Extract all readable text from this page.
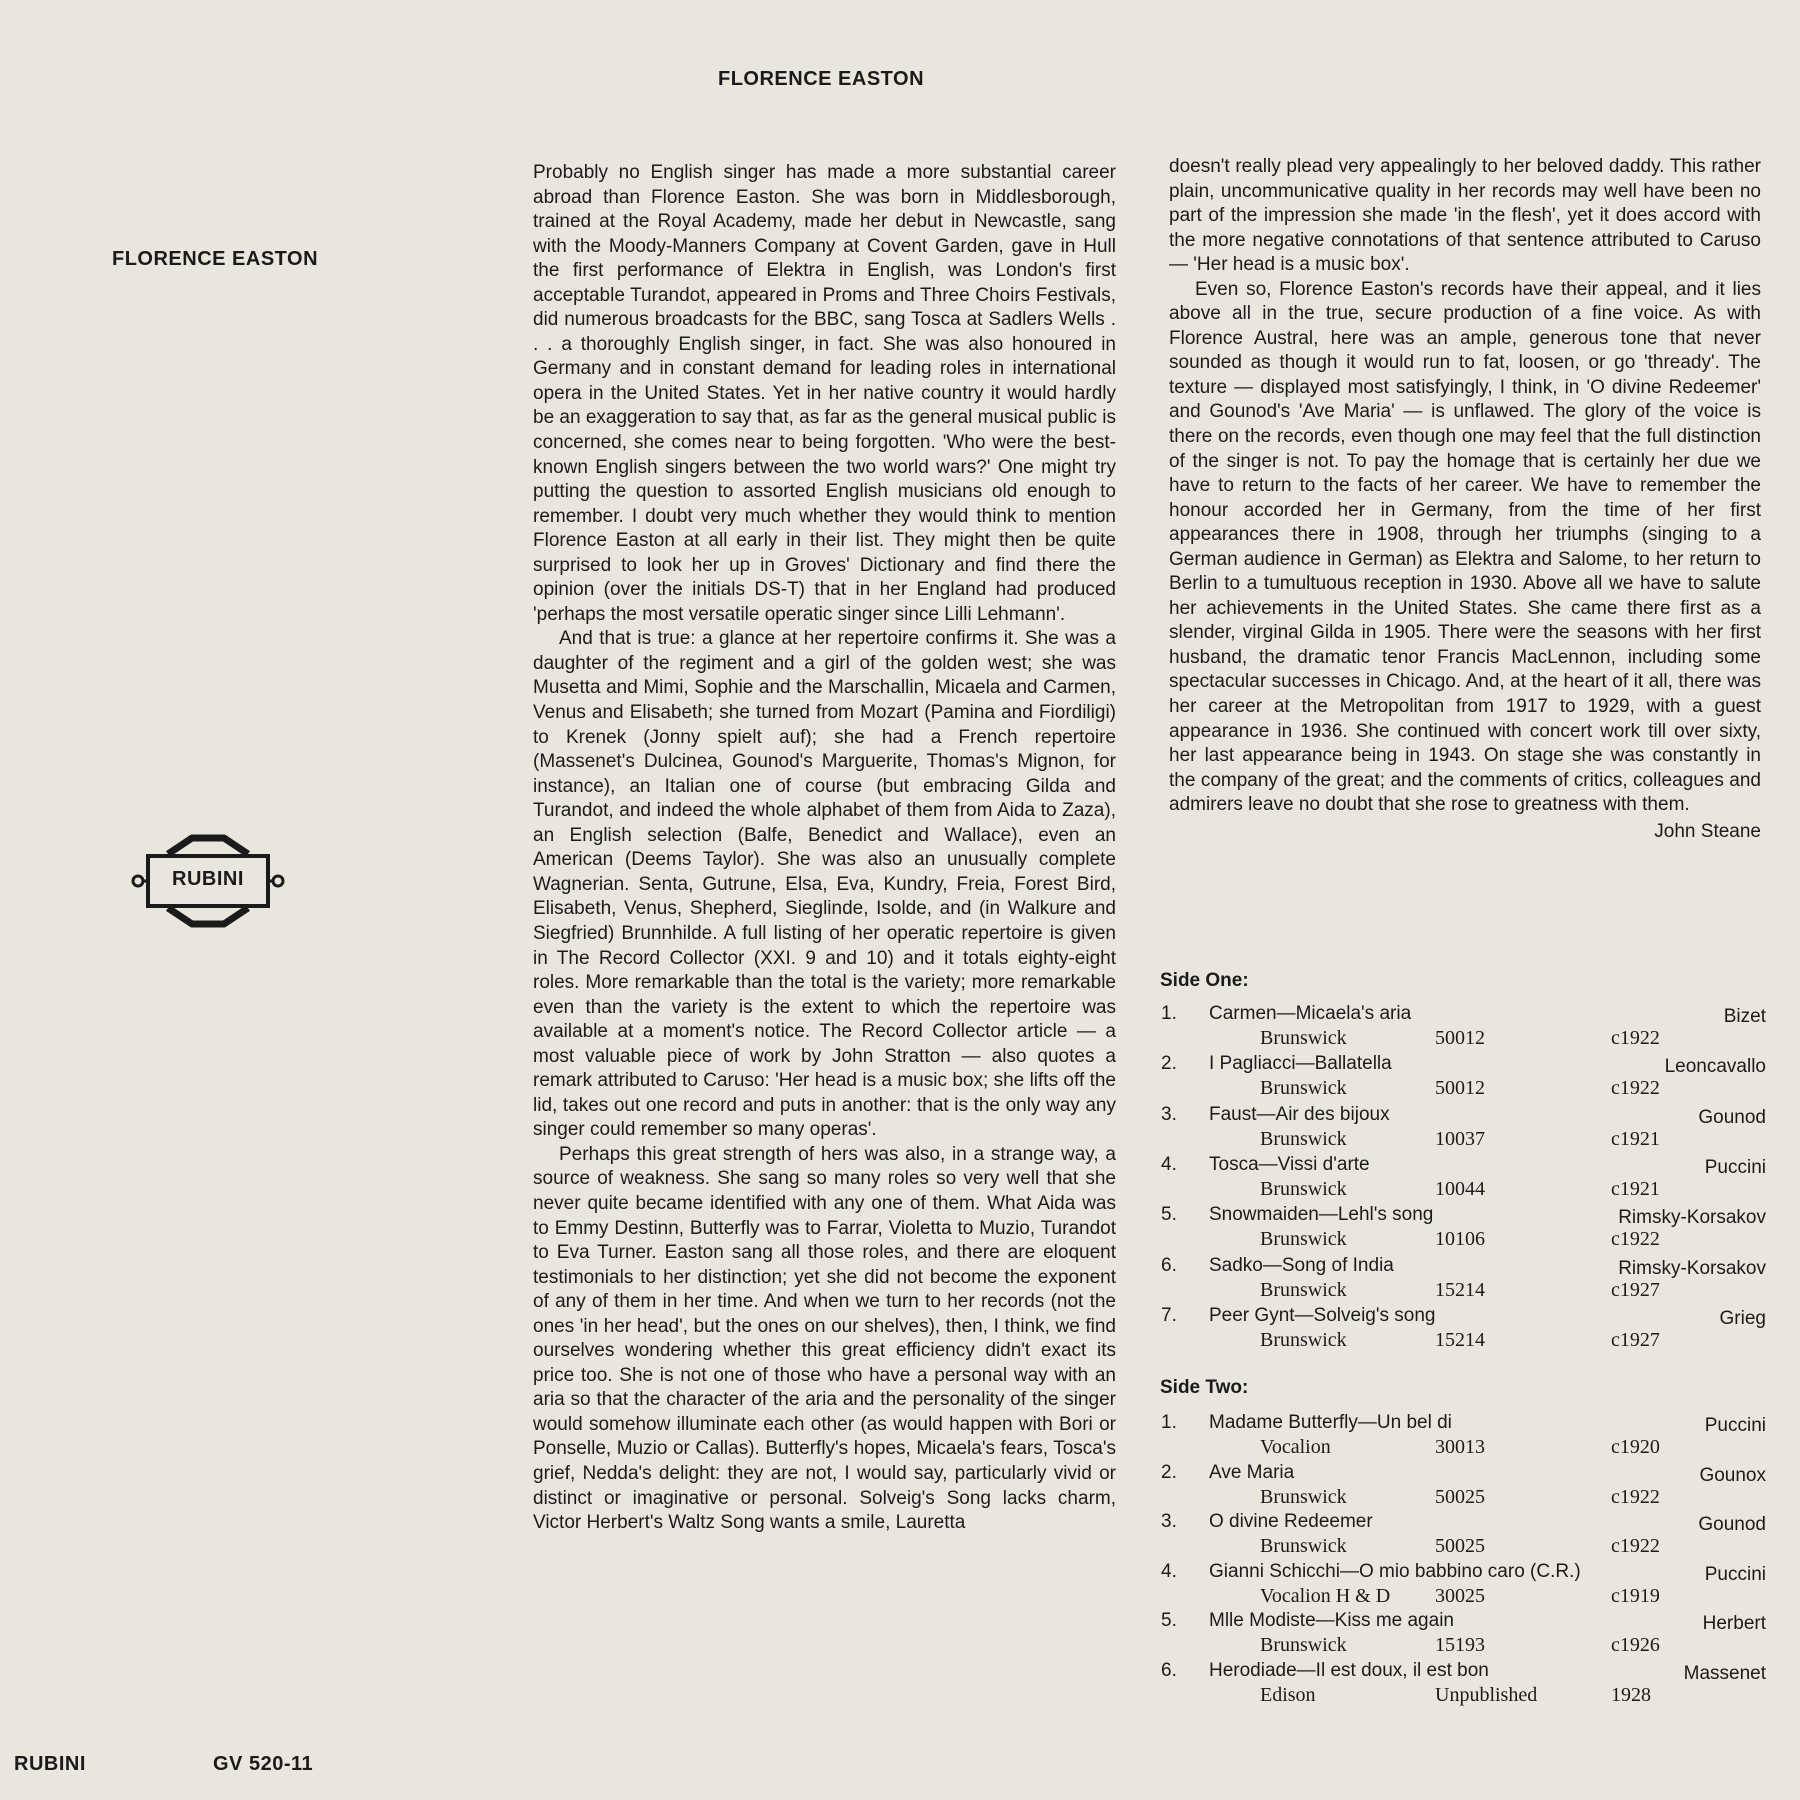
FLORENCE EASTON
FLORENCE EASTON
RUBINI

Probably no English singer has made a more substantial career abroad than Florence Easton. She was born in Middlesborough, trained at the Royal Academy, made her debut in Newcastle, sang with the Moody-Manners Company at Covent Garden, gave in Hull the first performance of Elektra in English, was London's first acceptable Turandot, appeared in Proms and Three Choirs Festivals, did numerous broadcasts for the BBC, sang Tosca at Sadlers Wells . . . a thoroughly English singer, in fact. She was also honoured in Germany and in constant demand for leading roles in international opera in the United States. Yet in her native country it would hardly be an exaggeration to say that, as far as the general musical public is concerned, she comes near to being forgotten. 'Who were the best-known English singers between the two world wars?' One might try putting the question to assorted English musicians old enough to remember. I doubt very much whether they would think to mention Florence Easton at all early in their list. They might then be quite surprised to look her up in Groves' Dictionary and find there the opinion (over the initials DS-T) that in her England had produced 'perhaps the most versatile operatic singer since Lilli Lehmann'.

And that is true: a glance at her repertoire confirms it. She was a daughter of the regiment and a girl of the golden west; she was Musetta and Mimi, Sophie and the Marschallin, Micaela and Carmen, Venus and Elisabeth; she turned from Mozart (Pamina and Fiordiligi) to Krenek (Jonny spielt auf); she had a French repertoire (Massenet's Dulcinea, Gounod's Marguerite, Thomas's Mignon, for instance), an Italian one of course (but embracing Gilda and Turandot, and indeed the whole alphabet of them from Aida to Zaza), an English selection (Balfe, Benedict and Wallace), even an American (Deems Taylor). She was also an unusually complete Wagnerian. Senta, Gutrune, Elsa, Eva, Kundry, Freia, Forest Bird, Elisabeth, Venus, Shepherd, Sieglinde, Isolde, and (in Walkure and Siegfried) Brunnhilde. A full listing of her operatic repertoire is given in The Record Collector (XXI. 9 and 10) and it totals eighty-eight roles. More remarkable than the total is the variety; more remarkable even than the variety is the extent to which the repertoire was available at a moment's notice. The Record Collector article — a most valuable piece of work by John Stratton — also quotes a remark attributed to Caruso: 'Her head is a music box; she lifts off the lid, takes out one record and puts in another: that is the only way any singer could remember so many operas'.

Perhaps this great strength of hers was also, in a strange way, a source of weakness. She sang so many roles so very well that she never quite became identified with any one of them. What Aida was to Emmy Destinn, Butterfly was to Farrar, Violetta to Muzio, Turandot to Eva Turner. Easton sang all those roles, and there are eloquent testimonials to her distinction; yet she did not become the exponent of any of them in her time. And when we turn to her records (not the ones 'in her head', but the ones on our shelves), then, I think, we find ourselves wondering whether this great efficiency didn't exact its price too. She is not one of those who have a personal way with an aria so that the character of the aria and the personality of the singer would somehow illuminate each other (as would happen with Bori or Ponselle, Muzio or Callas). Butterfly's hopes, Micaela's fears, Tosca's grief, Nedda's delight: they are not, I would say, particularly vivid or distinct or imaginative or personal. Solveig's Song lacks charm, Victor Herbert's Waltz Song wants a smile, Lauretta

doesn't really plead very appealingly to her beloved daddy. This rather plain, uncommunicative quality in her records may well have been no part of the impression she made 'in the flesh', yet it does accord with the more negative connotations of that sentence attributed to Caruso — 'Her head is a music box'.

Even so, Florence Easton's records have their appeal, and it lies above all in the true, secure production of a fine voice. As with Florence Austral, here was an ample, generous tone that never sounded as though it would run to fat, loosen, or go 'thready'. The texture — displayed most satisfyingly, I think, in 'O divine Redeemer' and Gounod's 'Ave Maria' — is unflawed. The glory of the voice is there on the records, even though one may feel that the full distinction of the singer is not. To pay the homage that is certainly her due we have to return to the facts of her career. We have to remember the honour accorded her in Germany, from the time of her first appearances there in 1908, through her triumphs (singing to a German audience in German) as Elektra and Salome, to her return to Berlin to a tumultuous reception in 1930. Above all we have to salute her achievements in the United States. She came there first as a slender, virginal Gilda in 1905. There were the seasons with her first husband, the dramatic tenor Francis MacLennon, including some spectacular successes in Chicago. And, at the heart of it all, there was her career at the Metropolitan from 1917 to 1929, with a guest appearance in 1936. She continued with concert work till over sixty, her last appearance being in 1943. On stage she was constantly in the company of the great; and the comments of critics, colleagues and admirers leave no doubt that she rose to greatness with them.

John Steane
Side One:
1. Carmen—Micaela's aria	Bizet
Brunswick	50012	c1922
2. I Pagliacci—Ballatella	Leoncavallo
Brunswick	50012	c1922
3. Faust—Air des bijoux	Gounod
Brunswick	10037	c1921
4. Tosca—Vissi d'arte	Puccini
Brunswick	10044	c1921
5. Snowmaiden—Lehl's song	Rimsky-Korsakov
Brunswick	10106	c1922
6. Sadko—Song of India	Rimsky-Korsakov
Brunswick	15214	c1927
7. Peer Gynt—Solveig's song	Grieg
Brunswick	15214	c1927
Side Two:
1. Madame Butterfly—Un bel di	Puccini
Vocalion	30013	c1920
2. Ave Maria	Gounox
Brunswick	50025	c1922
3. O divine Redeemer	Gounod
Brunswick	50025	c1922
4. Gianni Schicchi—O mio babbino caro (C.R.)	Puccini
Vocalion H & D 30025	c1919
5. Mlle Modiste—Kiss me again	Herbert
Brunswick	15193	c1926
6. Herodiade—Il est doux, il est bon	Massenet
Edison	Unpublished	1928
RUBINI	GV 520-11
